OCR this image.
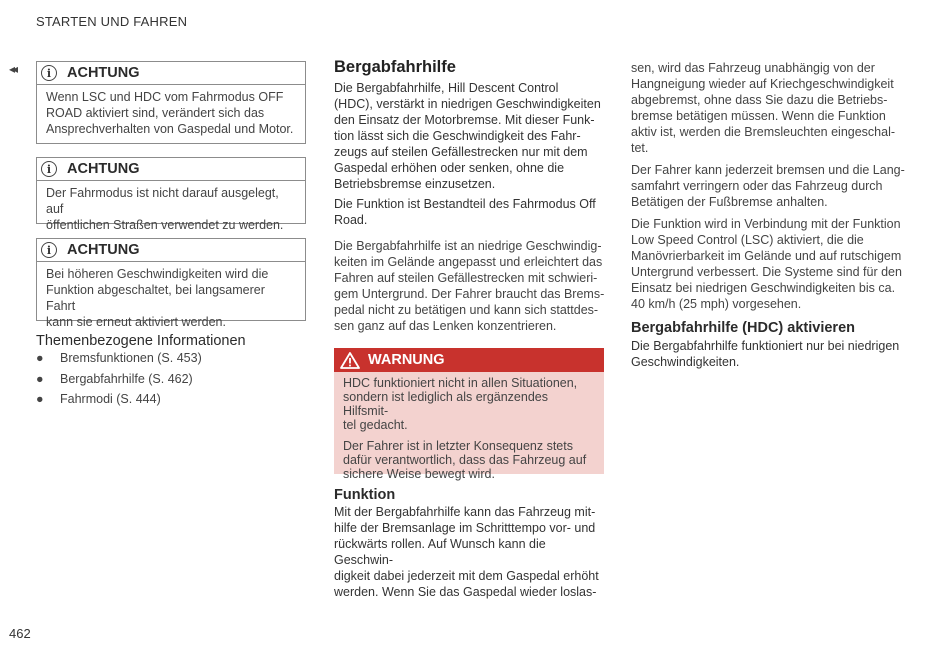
STARTEN UND FAHREN
◂◂
462
i	ACHTUNG
Wenn LSC und HDC vom Fahrmodus OFF
ROAD aktiviert sind, verändert sich das
Ansprechverhalten von Gaspedal und Motor.
i	ACHTUNG
Der Fahrmodus ist nicht darauf ausgelegt, auf
öffentlichen Straßen verwendet zu werden.
i	ACHTUNG
Bei höheren Geschwindigkeiten wird die
Funktion abgeschaltet, bei langsamerer Fahrt
kann sie erneut aktiviert werden.
Themenbezogene Informationen
●	Bremsfunktionen (S. 453)
●	Bergabfahrhilfe (S. 462)
●	Fahrmodi (S. 444)
Bergabfahrhilfe
Die Bergabfahrhilfe, Hill Descent Control
(HDC), verstärkt in niedrigen Geschwindigkeiten
den Einsatz der Motorbremse. Mit dieser Funk-
tion lässt sich die Geschwindigkeit des Fahr-
zeugs auf steilen Gefällestrecken nur mit dem
Gaspedal erhöhen oder senken, ohne die
Betriebsbremse einzusetzen.
Die Funktion ist Bestandteil des Fahrmodus Off
Road.
Die Bergabfahrhilfe ist an niedrige Geschwindig-
keiten im Gelände angepasst und erleichtert das
Fahren auf steilen Gefällestrecken mit schwieri-
gem Untergrund. Der Fahrer braucht das Brems-
pedal nicht zu betätigen und kann sich stattdes-
sen ganz auf das Lenken konzentrieren.
WARNUNG

HDC funktioniert nicht in allen Situationen,
sondern ist lediglich als ergänzendes Hilfsmit-
tel gedacht.

Der Fahrer ist in letzter Konsequenz stets
dafür verantwortlich, dass das Fahrzeug auf
sichere Weise bewegt wird.

Funktion
Mit der Bergabfahrhilfe kann das Fahrzeug mit-
hilfe der Bremsanlage im Schritttempo vor- und
rückwärts rollen. Auf Wunsch kann die Geschwin-
digkeit dabei jederzeit mit dem Gaspedal erhöht
werden. Wenn Sie das Gaspedal wieder loslas-
sen, wird das Fahrzeug unabhängig von der
Hangneigung wieder auf Kriechgeschwindigkeit
abgebremst, ohne dass Sie dazu die Betriebs-
bremse betätigen müssen. Wenn die Funktion
aktiv ist, werden die Bremsleuchten eingeschal-
tet.
Der Fahrer kann jederzeit bremsen und die Lang-
samfahrt verringern oder das Fahrzeug durch
Betätigen der Fußbremse anhalten.
Die Funktion wird in Verbindung mit der Funktion
Low Speed Control (LSC) aktiviert, die die
Manövrierbarkeit im Gelände und auf rutschigem
Untergrund verbessert. Die Systeme sind für den
Einsatz bei niedrigen Geschwindigkeiten bis ca.
40 km/h (25 mph) vorgesehen.
Bergabfahrhilfe (HDC) aktivieren
Die Bergabfahrhilfe funktioniert nur bei niedrigen
Geschwindigkeiten.
